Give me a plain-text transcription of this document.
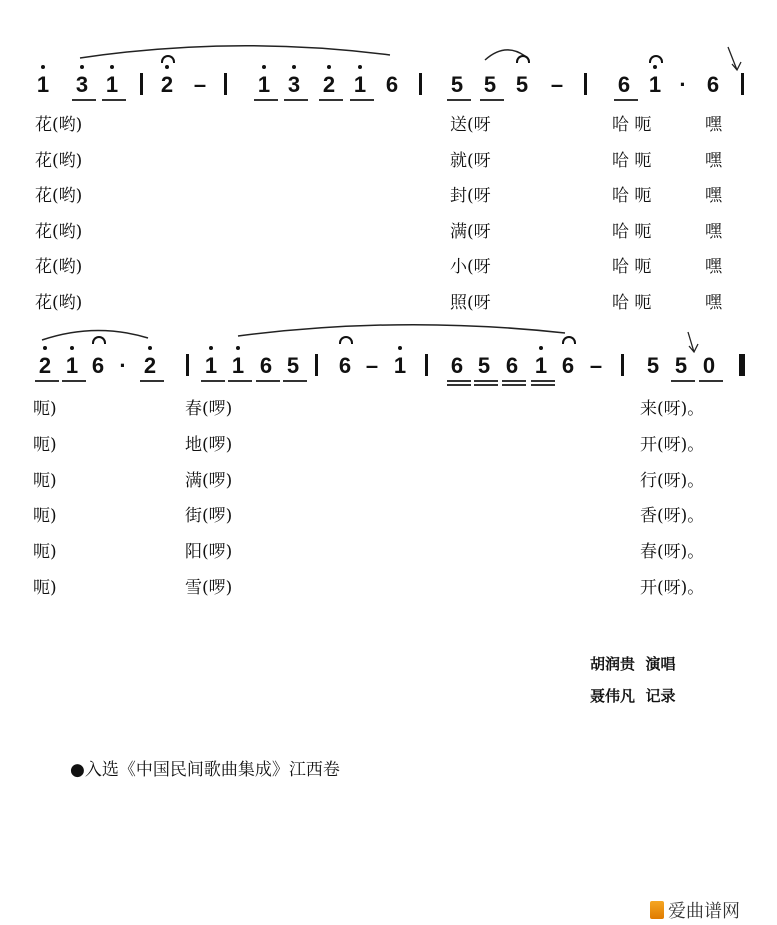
1 3 1 2 – 1 3 2 1 6 5 5 5 – 6 1 · 6
2 1 6 · 2 1 1 6 5 6 – 1 6 5 6 1 6 – 5 5 0
花(哟)	送(呀	哈 呃	嘿
花(哟)	就(呀	哈 呃	嘿
花(哟)	封(呀	哈 呃	嘿
花(哟)	满(呀	哈 呃	嘿
花(哟)	小(呀	哈 呃	嘿
花(哟)	照(呀	哈 呃	嘿
呃)	春(啰)	来(呀)。
呃)	地(啰)	开(呀)。
呃)	满(啰)	行(呀)。
呃)	街(啰)	香(呀)。
呃)	阳(啰)	春(呀)。
呃)	雪(啰)	开(呀)。
胡润贵  演唱
聂伟凡  记录
●入选《中国民间歌曲集成》江西卷
爱曲谱网
